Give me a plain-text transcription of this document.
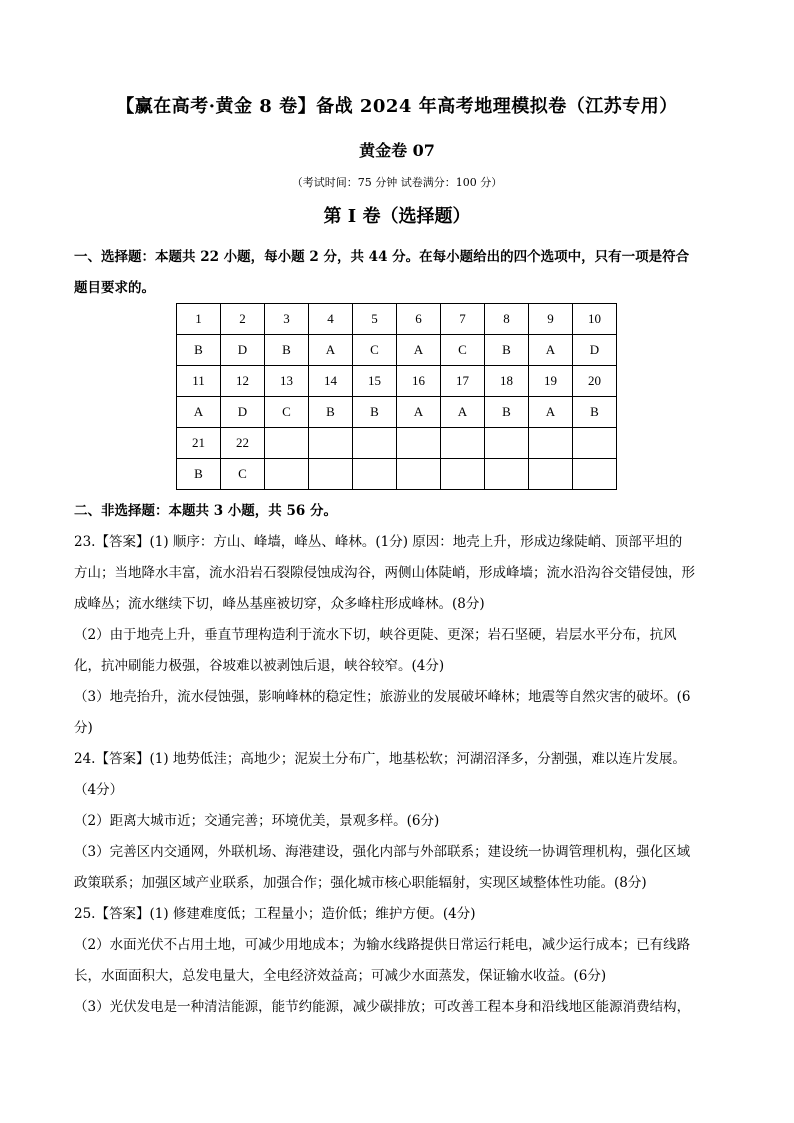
【赢在高考·黄金 8 卷】备战 2024 年高考地理模拟卷（江苏专用）
黄金卷 07
（考试时间：75 分钟 试卷满分：100 分）
第 I 卷（选择题）
一、选择题：本题共 22 小题，每小题 2 分，共 44 分。在每小题给出的四个选项中，只有一项是符合
题目要求的。
1	2	3	4	5	6	7	8	9	10
B	D	B	A	C	A	C	B	A	D
11	12	13	14	15	16	17	18	19	20
A	D	C	B	B	A	A	B	A	B
21	22								
B	C								
二、非选择题：本题共 3 小题，共 56 分。
23.【答案】(1) 顺序：方山、峰墙，峰丛、峰林。(1分) 原因：地壳上升，形成边缘陡峭、顶部平坦的
方山；当地降水丰富，流水沿岩石裂隙侵蚀成沟谷，两侧山体陡峭，形成峰墙；流水沿沟谷交错侵蚀，形
成峰丛；流水继续下切，峰丛基座被切穿，众多峰柱形成峰林。(8分)
（2）由于地壳上升，垂直节理构造利于流水下切，峡谷更陡、更深；岩石坚硬，岩层水平分布，抗风
化，抗冲刷能力极强，谷坡难以被剥蚀后退，峡谷较窄。(4分)
（3）地壳抬升，流水侵蚀强，影响峰林的稳定性；旅游业的发展破坏峰林；地震等自然灾害的破坏。(6
分)
24.【答案】(1) 地势低洼；高地少；泥炭土分布广，地基松软；河湖沼泽多，分割强，难以连片发展。
（4分）
（2）距离大城市近；交通完善；环境优美，景观多样。(6分)
（3）完善区内交通网，外联机场、海港建设，强化内部与外部联系；建设统一协调管理机构，强化区域
政策联系；加强区域产业联系，加强合作；强化城市核心职能辐射，实现区域整体性功能。(8分)
25.【答案】(1) 修建难度低；工程量小；造价低；维护方便。(4分)
（2）水面光伏不占用土地，可减少用地成本；为输水线路提供日常运行耗电，减少运行成本；已有线路
长，水面面积大，总发电量大，全电经济效益高；可减少水面蒸发，保证输水收益。(6分)
（3）光伏发电是一种清洁能源，能节约能源，减少碳排放；可改善工程本身和沿线地区能源消费结构，
